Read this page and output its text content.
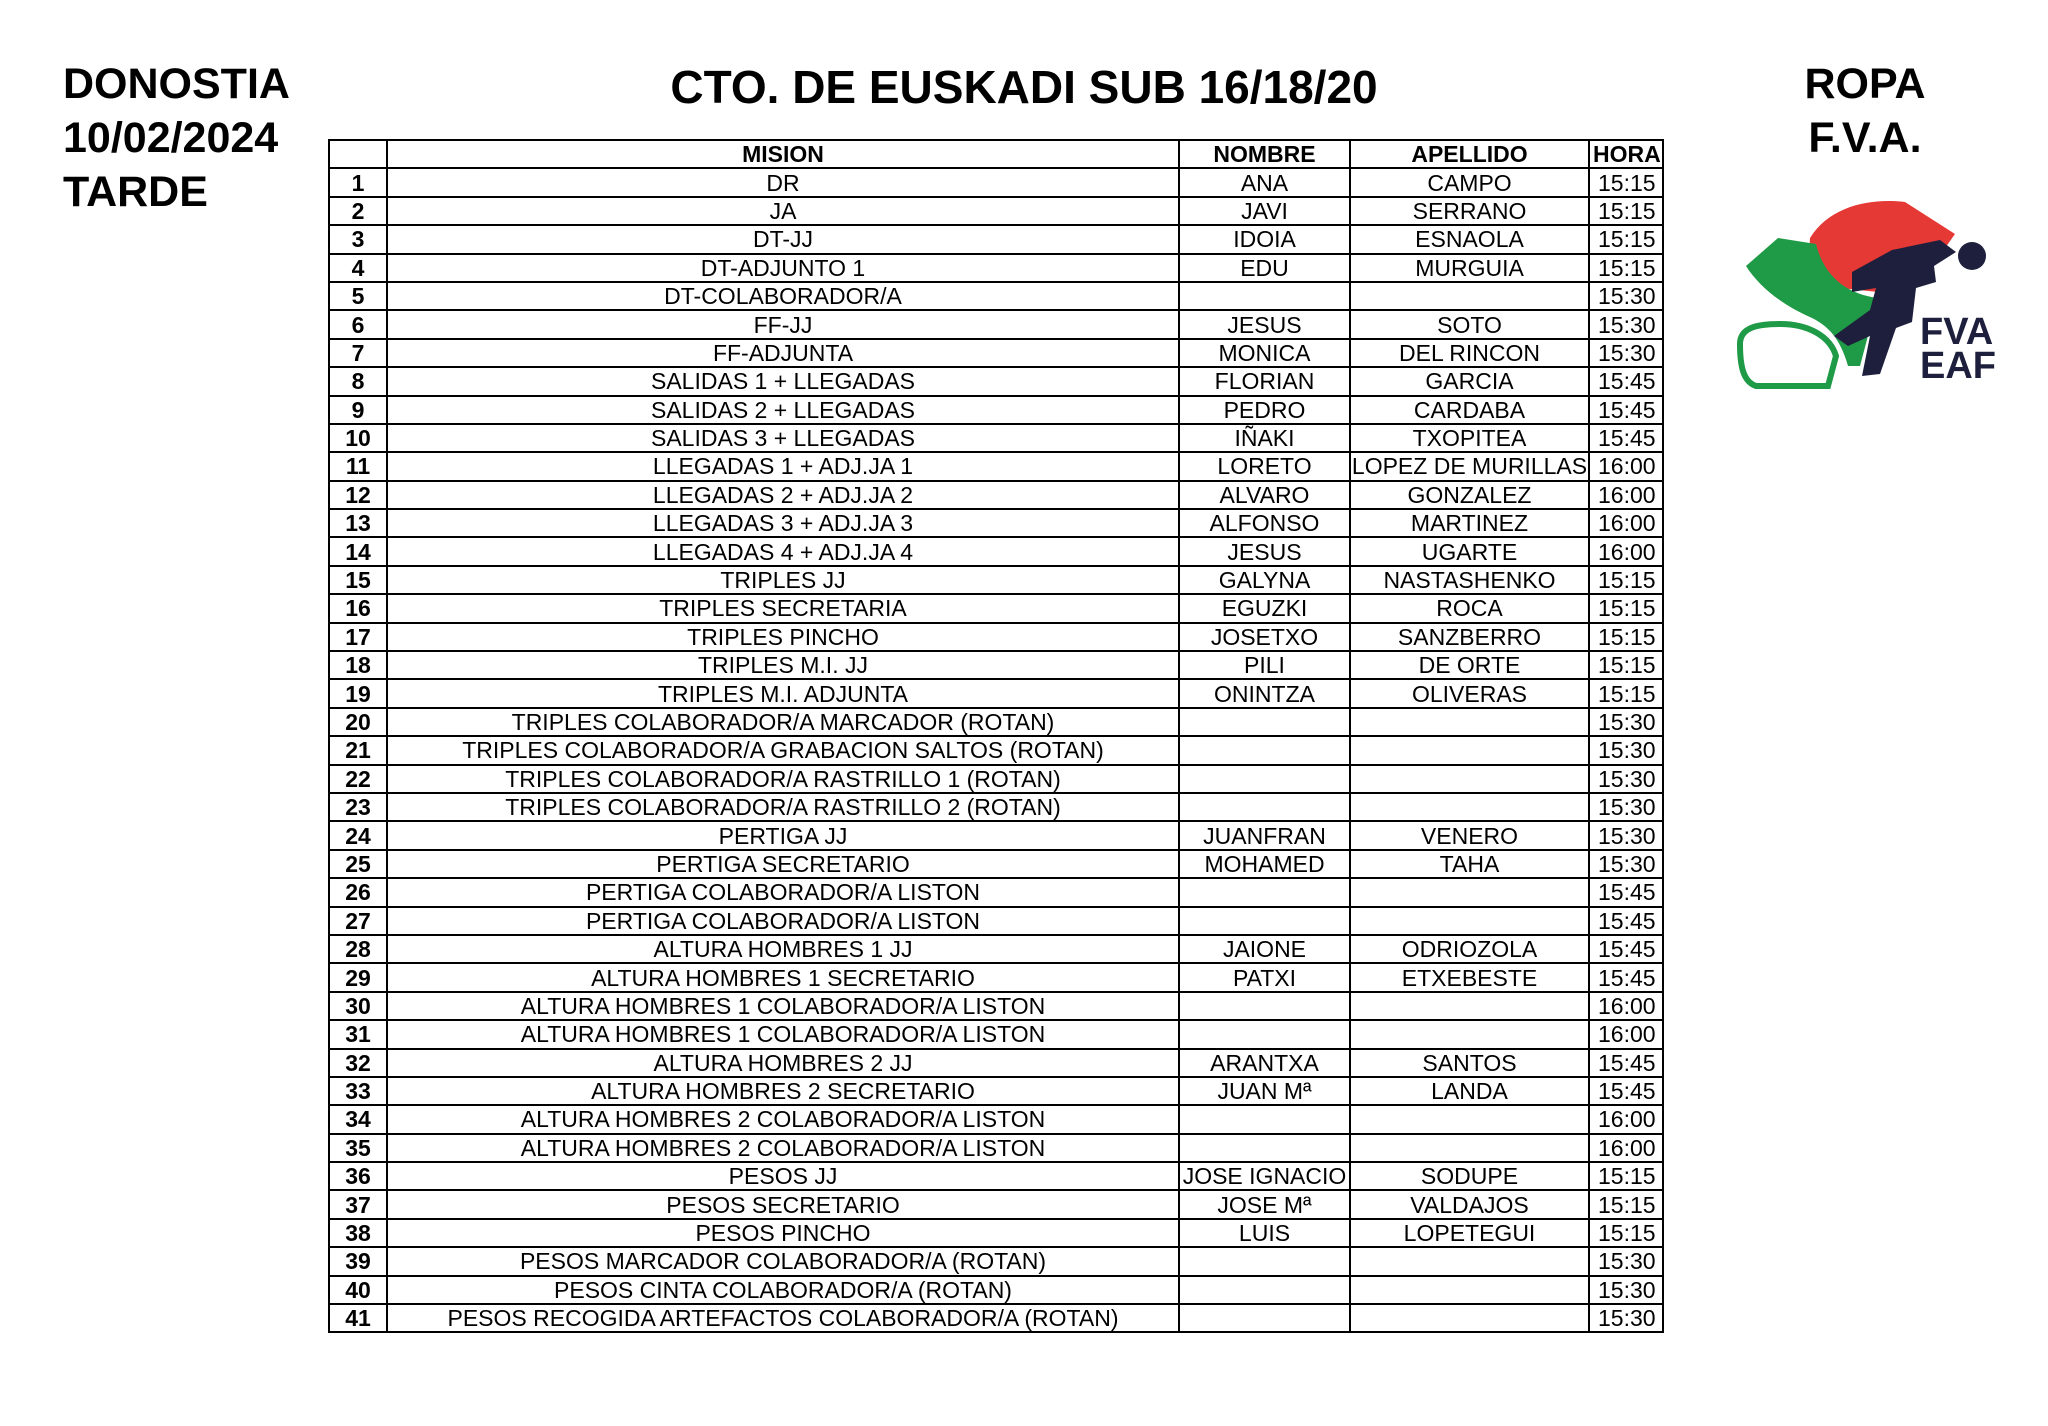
DONOSTIA
10/02/2024
TARDE
CTO. DE EUSKADI SUB 16/18/20	ROPA
F.V.A.
FVA
EAF
	MISION	NOMBRE	APELLIDO	HORA
1	DR	ANA	CAMPO	15:15
2	JA	JAVI	SERRANO	15:15
3	DT-JJ	IDOIA	ESNAOLA	15:15
4	DT-ADJUNTO 1	EDU	MURGUIA	15:15
5	DT-COLABORADOR/A			15:30
6	FF-JJ	JESUS	SOTO	15:30
7	FF-ADJUNTA	MONICA	DEL RINCON	15:30
8	SALIDAS 1 + LLEGADAS	FLORIAN	GARCIA	15:45
9	SALIDAS 2 + LLEGADAS	PEDRO	CARDABA	15:45
10	SALIDAS 3 + LLEGADAS	IÑAKI	TXOPITEA	15:45
11	LLEGADAS 1 + ADJ.JA 1	LORETO	LOPEZ DE MURILLAS	16:00
12	LLEGADAS 2 + ADJ.JA 2	ALVARO	GONZALEZ	16:00
13	LLEGADAS 3 + ADJ.JA 3	ALFONSO	MARTINEZ	16:00
14	LLEGADAS 4 + ADJ.JA 4	JESUS	UGARTE	16:00
15	TRIPLES JJ	GALYNA	NASTASHENKO	15:15
16	TRIPLES SECRETARIA	EGUZKI	ROCA	15:15
17	TRIPLES PINCHO	JOSETXO	SANZBERRO	15:15
18	TRIPLES M.I. JJ	PILI	DE ORTE	15:15
19	TRIPLES M.I. ADJUNTA	ONINTZA	OLIVERAS	15:15
20	TRIPLES COLABORADOR/A MARCADOR (ROTAN)			15:30
21	TRIPLES COLABORADOR/A GRABACION SALTOS (ROTAN)			15:30
22	TRIPLES COLABORADOR/A RASTRILLO 1 (ROTAN)			15:30
23	TRIPLES COLABORADOR/A RASTRILLO 2 (ROTAN)			15:30
24	PERTIGA JJ	JUANFRAN	VENERO	15:30
25	PERTIGA SECRETARIO	MOHAMED	TAHA	15:30
26	PERTIGA COLABORADOR/A LISTON			15:45
27	PERTIGA COLABORADOR/A LISTON			15:45
28	ALTURA HOMBRES 1 JJ	JAIONE	ODRIOZOLA	15:45
29	ALTURA HOMBRES 1 SECRETARIO	PATXI	ETXEBESTE	15:45
30	ALTURA HOMBRES 1 COLABORADOR/A LISTON			16:00
31	ALTURA HOMBRES 1 COLABORADOR/A LISTON			16:00
32	ALTURA HOMBRES 2 JJ	ARANTXA	SANTOS	15:45
33	ALTURA HOMBRES 2 SECRETARIO	JUAN Mª	LANDA	15:45
34	ALTURA HOMBRES 2 COLABORADOR/A LISTON			16:00
35	ALTURA HOMBRES 2 COLABORADOR/A LISTON			16:00
36	PESOS JJ	JOSE IGNACIO	SODUPE	15:15
37	PESOS SECRETARIO	JOSE Mª	VALDAJOS	15:15
38	PESOS PINCHO	LUIS	LOPETEGUI	15:15
39	PESOS MARCADOR COLABORADOR/A (ROTAN)			15:30
40	PESOS CINTA COLABORADOR/A (ROTAN)			15:30
41	PESOS RECOGIDA ARTEFACTOS COLABORADOR/A (ROTAN)			15:30
